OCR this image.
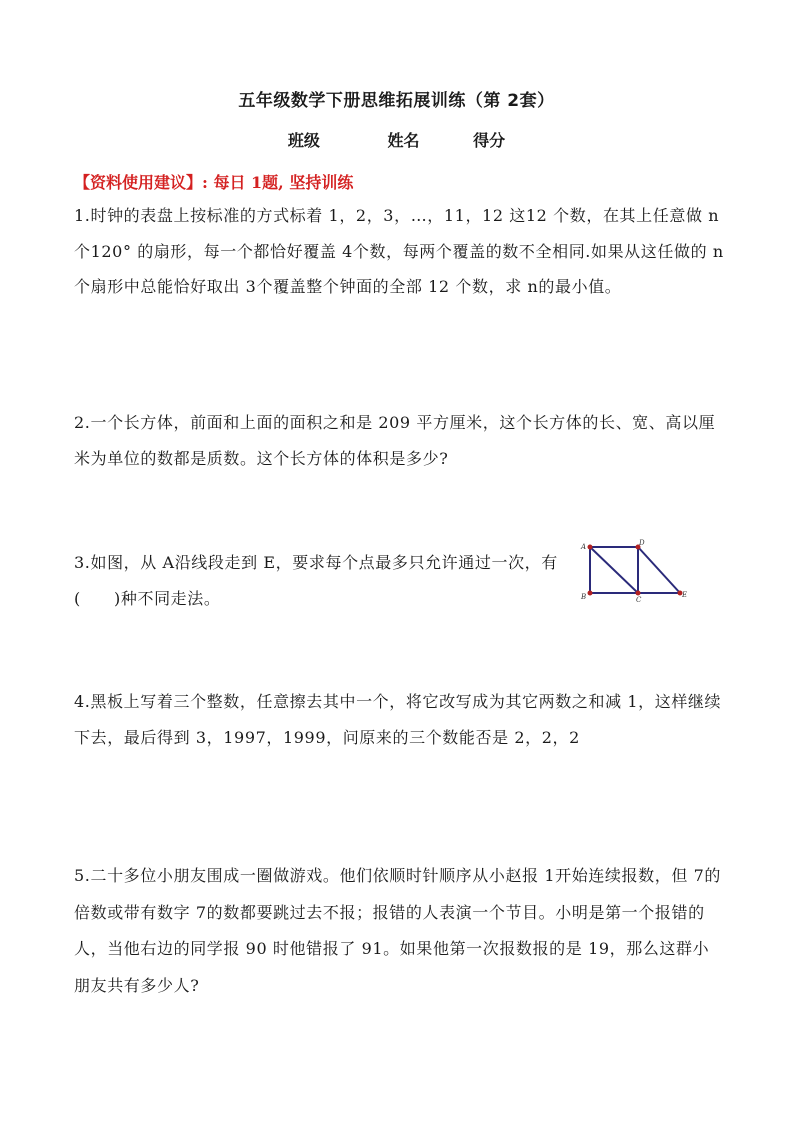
五年级数学下册思维拓展训练（第 2套）
班级	姓名	得分
【资料使用建议】: 每日 1题, 坚持训练
1.时钟的表盘上按标准的方式标着 1，2，3，…，11，12 这12 个数，在其上任意做 n个120° 的扇形，每一个都恰好覆盖 4个数，每两个覆盖的数不全相同.如果从这任做的 n个扇形中总能恰好取出 3个覆盖整个钟面的全部 12 个数，求 n的最小值。
2.一个长方体，前面和上面的面积之和是 209 平方厘米，这个长方体的长、宽、高以厘米为单位的数都是质数。这个长方体的体积是多少?
3.如图，从 A沿线段走到 E，要求每个点最多只允许通过一次，有(　　)种不同走法。
A	D
B	C
E
4.黑板上写着三个整数，任意擦去其中一个，将它改写成为其它两数之和减 1，这样继续下去，最后得到 3，1997，1999，问原来的三个数能否是 2，2，2
5.二十多位小朋友围成一圈做游戏。他们依顺时针顺序从小赵报 1开始连续报数，但 7的倍数或带有数字 7的数都要跳过去不报；报错的人表演一个节目。小明是第一个报错的人，当他右边的同学报 90 时他错报了 91。如果他第一次报数报的是 19，那么这群小朋友共有多少人?
